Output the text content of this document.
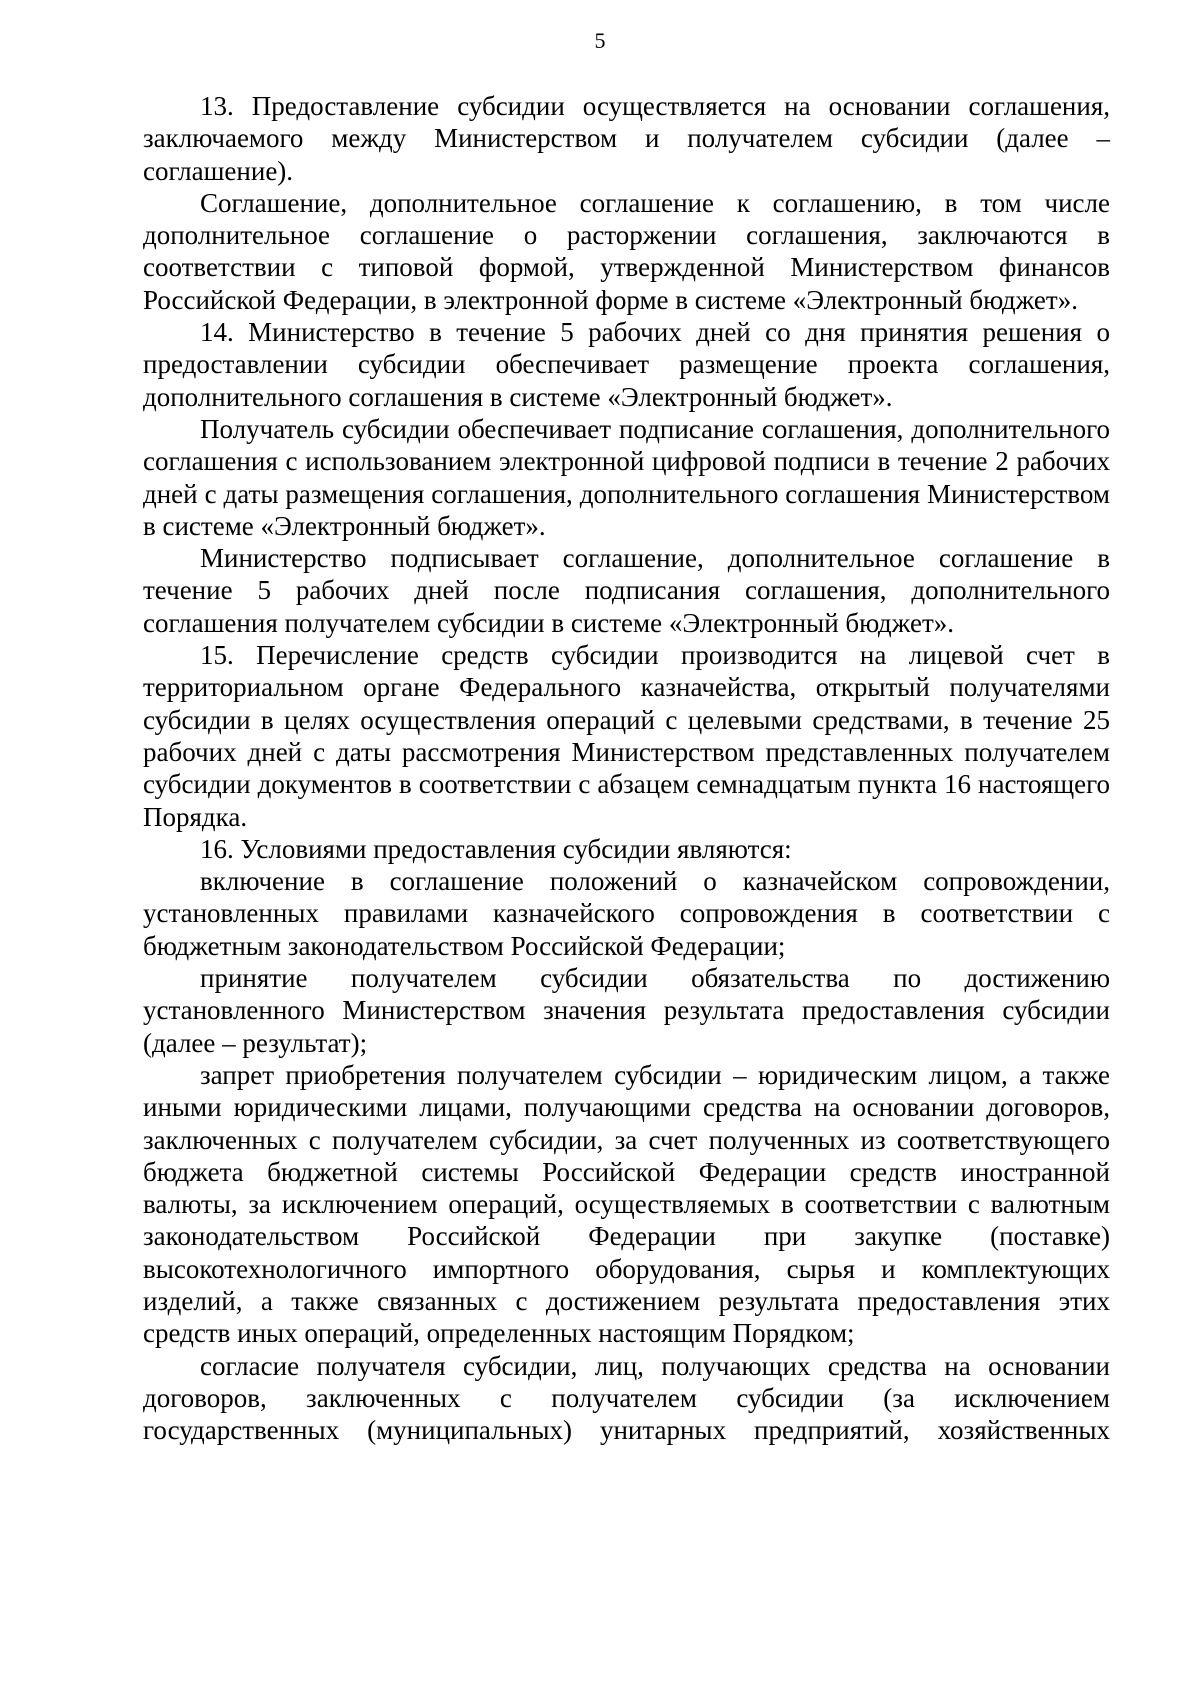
5

13. Предоставление субсидии осуществляется на основании соглашения, заключаемого между Министерством и получателем субсидии (далее – соглашение).

Соглашение, дополнительное соглашение к соглашению, в том числе дополнительное соглашение о расторжении соглашения, заключаются в соответствии с типовой формой, утвержденной Министерством финансов Российской Федерации, в электронной форме в системе «Электронный бюджет».

14. Министерство в течение 5 рабочих дней со дня принятия решения о предоставлении субсидии обеспечивает размещение проекта соглашения, дополнительного соглашения в системе «Электронный бюджет».

Получатель субсидии обеспечивает подписание соглашения, дополнительного соглашения с использованием электронной цифровой подписи в течение 2 рабочих дней с даты размещения соглашения, дополнительного соглашения Министерством в системе «Электронный бюджет».

Министерство подписывает соглашение, дополнительное соглашение в течение 5 рабочих дней после подписания соглашения, дополнительного соглашения получателем субсидии в системе «Электронный бюджет».

15. Перечисление средств субсидии производится на лицевой счет в территориальном органе Федерального казначейства, открытый получателями субсидии в целях осуществления операций с целевыми средствами, в течение 25 рабочих дней с даты рассмотрения Министерством представленных получателем субсидии документов в соответствии с абзацем семнадцатым пункта 16 настоящего Порядка.

16. Условиями предоставления субсидии являются:

включение в соглашение положений о казначейском сопровождении, установленных правилами казначейского сопровождения в соответствии с бюджетным законодательством Российской Федерации;

принятие получателем субсидии обязательства по достижению установленного Министерством значения результата предоставления субсидии (далее – результат);

запрет приобретения получателем субсидии – юридическим лицом, а также иными юридическими лицами, получающими средства на основании договоров, заключенных с получателем субсидии, за счет полученных из соответствующего бюджета бюджетной системы Российской Федерации средств иностранной валюты, за исключением операций, осуществляемых в соответствии с валютным законодательством Российской Федерации при закупке (поставке) высокотехнологичного импортного оборудования, сырья и комплектующих изделий, а также связанных с достижением результата предоставления этих средств иных операций, определенных настоящим Порядком;

согласие получателя субсидии, лиц, получающих средства на основании договоров, заключенных с получателем субсидии (за исключением государственных (муниципальных) унитарных предприятий, хозяйственных
